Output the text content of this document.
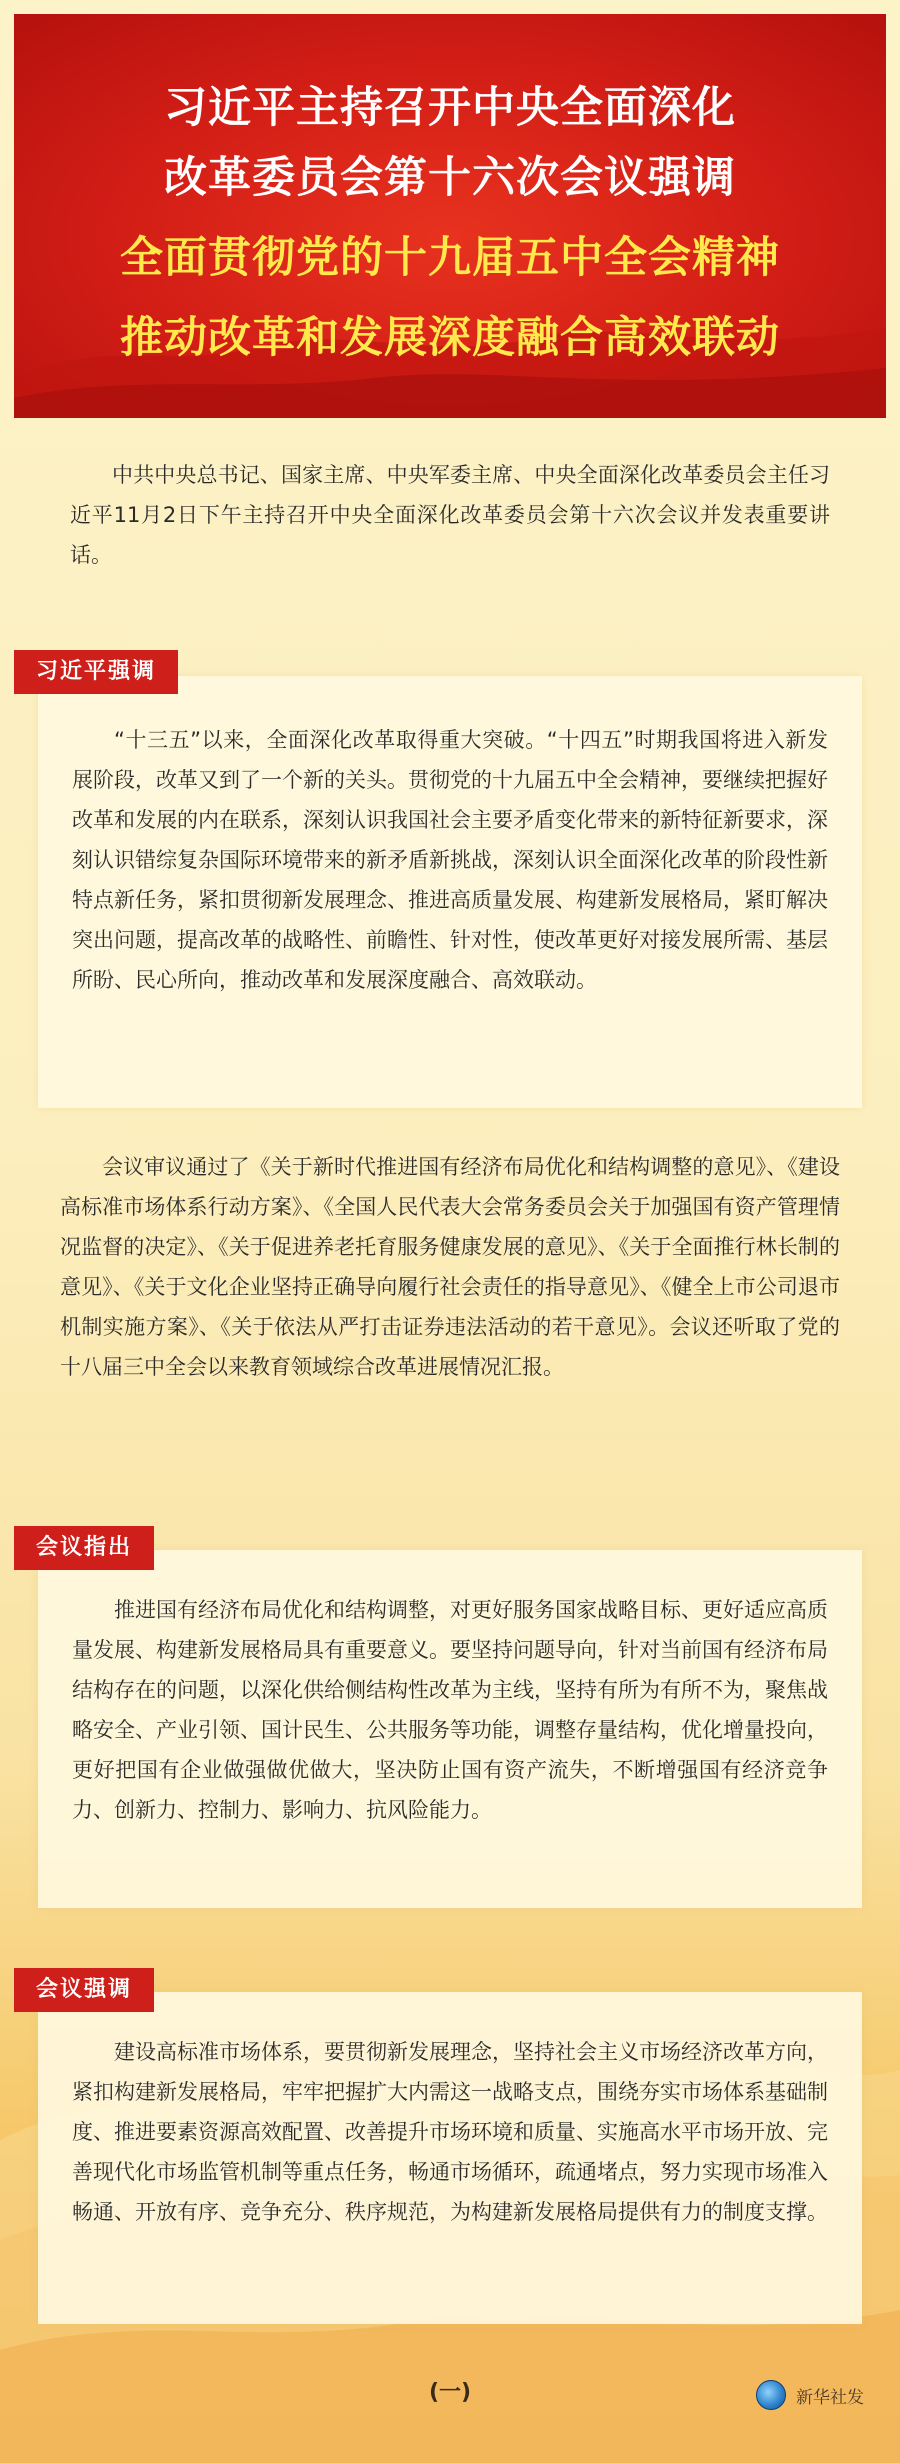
习近平主持召开中央全面深化
改革委员会第十六次会议强调
全面贯彻党的十九届五中全会精神
推动改革和发展深度融合高效联动
中共中央总书记、国家主席、中央军委主席、中央全面深化改革委员会主任习近平11月2日下午主持召开中央全面深化改革委员会第十六次会议并发表重要讲话。
“十三五”以来，全面深化改革取得重大突破。“十四五”时期我国将进入新发展阶段，改革又到了一个新的关头。贯彻党的十九届五中全会精神，要继续把握好改革和发展的内在联系，深刻认识我国社会主要矛盾变化带来的新特征新要求，深刻认识错综复杂国际环境带来的新矛盾新挑战，深刻认识全面深化改革的阶段性新特点新任务，紧扣贯彻新发展理念、推进高质量发展、构建新发展格局，紧盯解决突出问题，提高改革的战略性、前瞻性、针对性，使改革更好对接发展所需、基层所盼、民心所向，推动改革和发展深度融合、高效联动。
习近平强调
会议审议通过了《关于新时代推进国有经济布局优化和结构调整的意见》、《建设高标准市场体系行动方案》、《全国人民代表大会常务委员会关于加强国有资产管理情况监督的决定》、《关于促进养老托育服务健康发展的意见》、《关于全面推行林长制的意见》、《关于文化企业坚持正确导向履行社会责任的指导意见》、《健全上市公司退市机制实施方案》、《关于依法从严打击证券违法活动的若干意见》。会议还听取了党的十八届三中全会以来教育领域综合改革进展情况汇报。
推进国有经济布局优化和结构调整，对更好服务国家战略目标、更好适应高质量发展、构建新发展格局具有重要意义。要坚持问题导向，针对当前国有经济布局结构存在的问题，以深化供给侧结构性改革为主线，坚持有所为有所不为，聚焦战略安全、产业引领、国计民生、公共服务等功能，调整存量结构，优化增量投向，更好把国有企业做强做优做大，坚决防止国有资产流失，不断增强国有经济竞争力、创新力、控制力、影响力、抗风险能力。
会议指出
建设高标准市场体系，要贯彻新发展理念，坚持社会主义市场经济改革方向，紧扣构建新发展格局，牢牢把握扩大内需这一战略支点，围绕夯实市场体系基础制度、推进要素资源高效配置、改善提升市场环境和质量、实施高水平市场开放、完善现代化市场监管机制等重点任务，畅通市场循环，疏通堵点，努力实现市场准入畅通、开放有序、竞争充分、秩序规范，为构建新发展格局提供有力的制度支撑。
会议强调
(一)	新华社发
